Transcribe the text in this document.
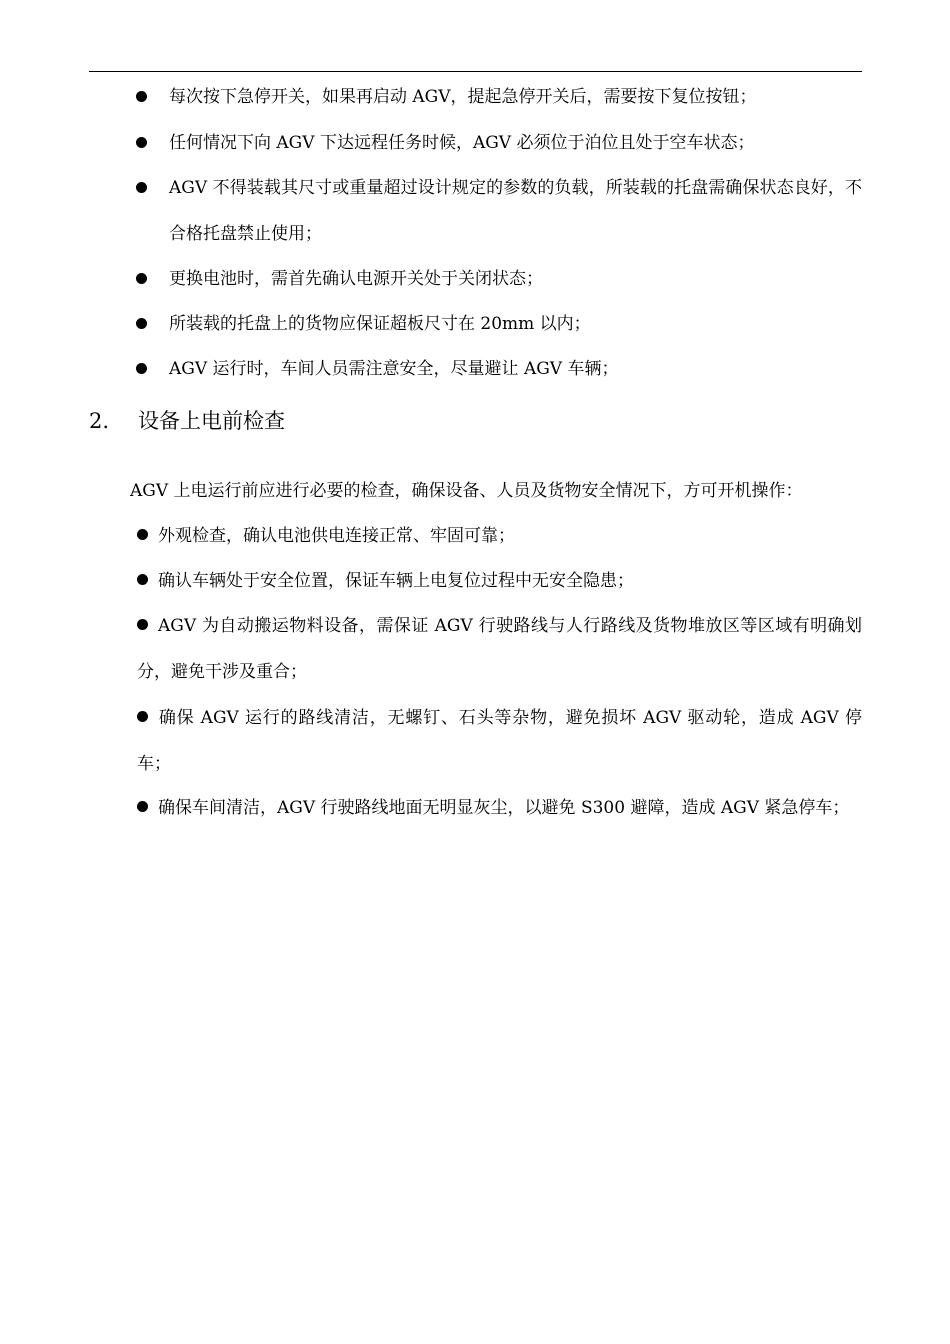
每次按下急停开关，如果再启动 AGV，提起急停开关后，需要按下复位按钮；
任何情况下向 AGV 下达远程任务时候，AGV 必须位于泊位且处于空车状态；
AGV 不得装载其尺寸或重量超过设计规定的参数的负载，所装载的托盘需确保状态良好，不合格托盘禁止使用；
更换电池时，需首先确认电源开关处于关闭状态；
所装载的托盘上的货物应保证超板尺寸在 20mm 以内；
AGV 运行时，车间人员需注意安全，尽量避让 AGV 车辆；
2. 设备上电前检查
AGV 上电运行前应进行必要的检查，确保设备、人员及货物安全情况下，方可开机操作：
外观检查，确认电池供电连接正常、牢固可靠；
确认车辆处于安全位置，保证车辆上电复位过程中无安全隐患；
AGV 为自动搬运物料设备，需保证 AGV 行驶路线与人行路线及货物堆放区等区域有明确划分，避免干涉及重合；
确保 AGV 运行的路线清洁，无螺钉、石头等杂物，避免损坏 AGV 驱动轮，造成 AGV 停车；
确保车间清洁，AGV 行驶路线地面无明显灰尘，以避免 S300 避障，造成 AGV 紧急停车；
